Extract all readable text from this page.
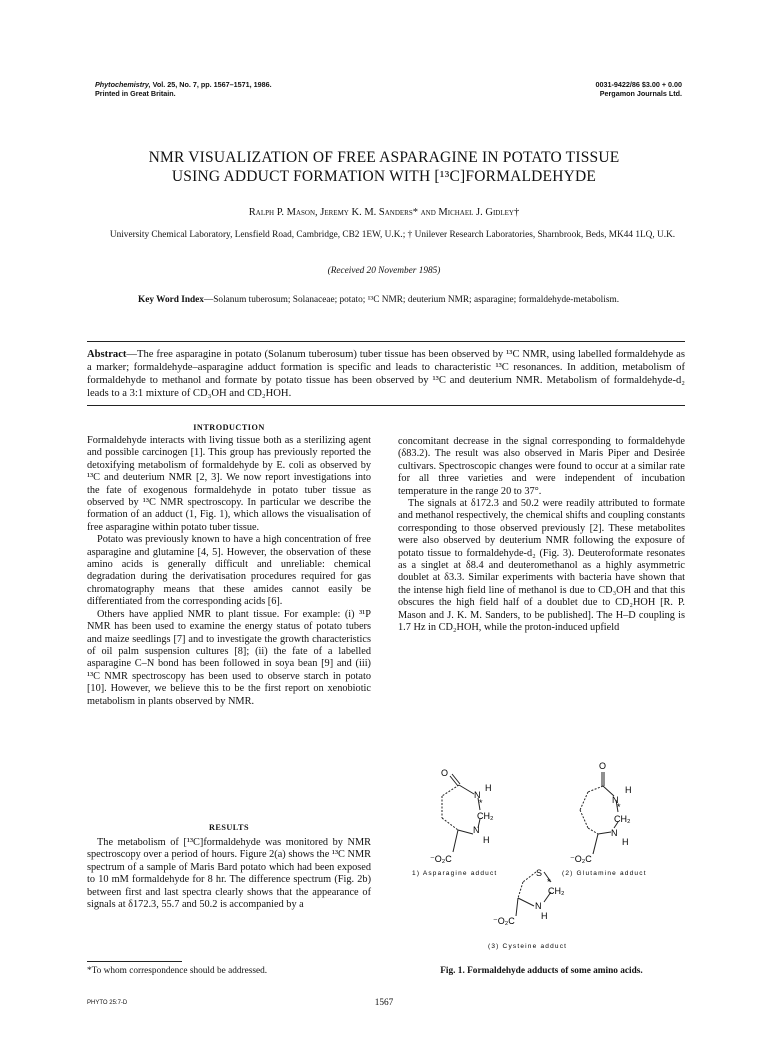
Phytochemistry, Vol. 25, No. 7, pp. 1567–1571, 1986.
Printed in Great Britain.
0031-9422/86 $3.00 + 0.00
Pergamon Journals Ltd.
NMR VISUALIZATION OF FREE ASPARAGINE IN POTATO TISSUE
USING ADDUCT FORMATION WITH [¹³C]FORMALDEHYDE
Ralph P. Mason, Jeremy K. M. Sanders* and Michael J. Gidley†
University Chemical Laboratory, Lensfield Road, Cambridge, CB2 1EW, U.K.; † Unilever Research Laboratories, Sharnbrook, Beds, MK44 1LQ, U.K.
(Received 20 November 1985)
Key Word Index—Solanum tuberosum; Solanaceae; potato; ¹³C NMR; deuterium NMR; asparagine; formaldehyde-metabolism.
Abstract—The free asparagine in potato (Solanum tuberosum) tuber tissue has been observed by ¹³C NMR, using labelled formaldehyde as a marker; formaldehyde–asparagine adduct formation is specific and leads to characteristic ¹³C resonances. In addition, metabolism of formaldehyde to methanol and formate by potato tissue has been observed by ¹³C and deuterium NMR. Metabolism of formaldehyde-d₂ leads to a 3:1 mixture of CD₃OH and CD₂HOH.
INTRODUCTION

Formaldehyde interacts with living tissue both as a sterilizing agent and possible carcinogen [1]. This group has previously reported the detoxifying metabolism of formaldehyde by E. coli as observed by ¹³C and deuterium NMR [2, 3]. We now report investigations into the fate of exogenous formaldehyde in potato tuber tissue as observed by ¹³C NMR spectroscopy. In particular we describe the formation of an adduct (1, Fig. 1), which allows the visualisation of free asparagine within potato tuber tissue.

Potato was previously known to have a high concentration of free asparagine and glutamine [4, 5]. However, the observation of these amino acids is generally difficult and unreliable: chemical degradation during the derivatisation procedures required for gas chromatography means that these amides cannot easily be differentiated from the corresponding acids [6].

Others have applied NMR to plant tissue. For example: (i) ³¹P NMR has been used to examine the energy status of potato tubers and maize seedlings [7] and to investigate the growth characteristics of oil palm suspension cultures [8]; (ii) the fate of a labelled asparagine C–N bond has been followed in soya bean [9] and (iii) ¹³C NMR spectroscopy has been used to observe starch in potato [10]. However, we believe this to be the first report on xenobiotic metabolism in plants observed by NMR.

RESULTS

The metabolism of [¹³C]formaldehyde was monitored by NMR spectroscopy over a period of hours. Figure 2(a) shows the ¹³C NMR spectrum of a sample of Maris Bard potato which had been exposed to 10 mM formaldehyde for 8 hr. The difference spectrum (Fig. 2b) between first and last spectra clearly shows that the appearance of signals at δ172.3, 55.7 and 50.2 is accompanied by a

concomitant decrease in the signal corresponding to formaldehyde (δ83.2). The result was also observed in Maris Piper and Desirée cultivars. Spectroscopic changes were found to occur at a similar rate for all three varieties and were independent of incubation temperature in the range 20 to 37°.

The signals at δ172.3 and 50.2 were readily attributed to formate and methanol respectively, the chemical shifts and coupling constants corresponding to those observed previously [2]. These metabolites were also observed by deuterium NMR following the exposure of potato tissue to formaldehyde-d₂ (Fig. 3). Deuteroformate resonates as a singlet at δ8.4 and deuteromethanol as a highly asymmetric doublet at δ3.3. Similar experiments with bacteria have shown that the intense high field line of methanol is due to CD₃OH and that this obscures the high field half of a doublet due to CD₂HOH [R. P. Mason and J. K. M. Sanders, to be published]. The H–D coupling is 1.7 Hz in CD₂HOH, while the proton-induced upfield

O
H
N
*
CH₂
N
H
⁻O₂C
1) Asparagine adduct
O
H
N
*
CH₂
N
H
⁻O₂C
(2) Glutamine adduct
S
*
CH₂
N
H
⁻O₂C
(3) Cysteine adduct
*To whom correspondence should be addressed.	Fig. 1. Formaldehyde adducts of some amino acids.
PHYTO 25:7-D	1567
